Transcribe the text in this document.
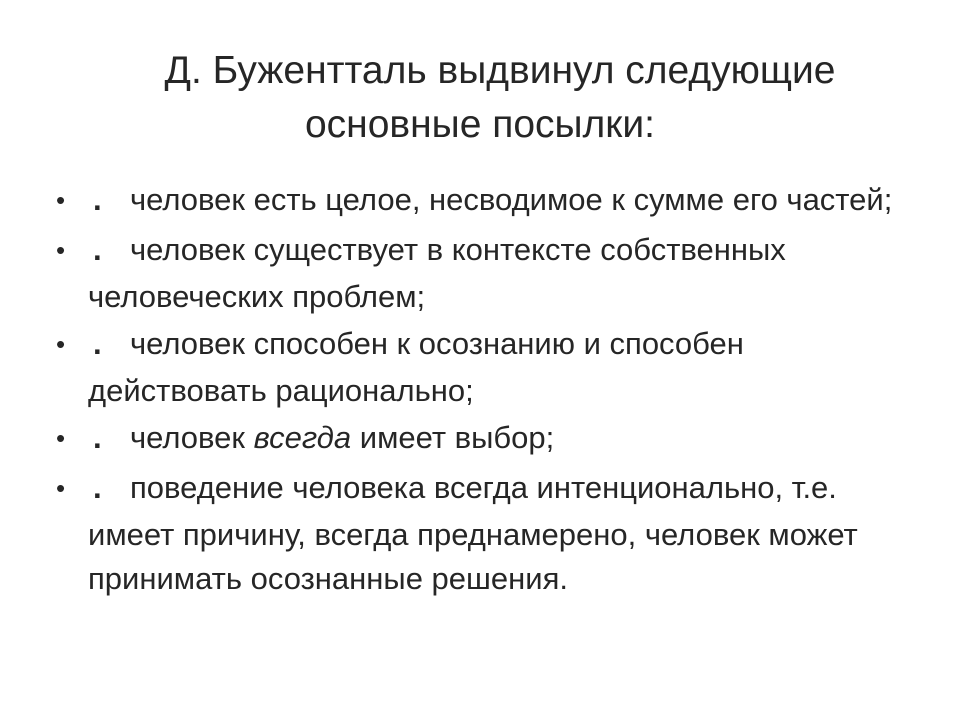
Д. Бужентталь выдвинул следующие
основные посылки:
• . человек есть целое, несводимое к сумме его частей;
• . человек существует в контексте собственных человеческих проблем;
• . человек способен к осознанию и способен действовать рационально;
• . человек всегда имеет выбор;
• . поведение человека всегда интенционально, т.е. имеет причину, всегда преднамерено, человек может принимать осознанные решения.
